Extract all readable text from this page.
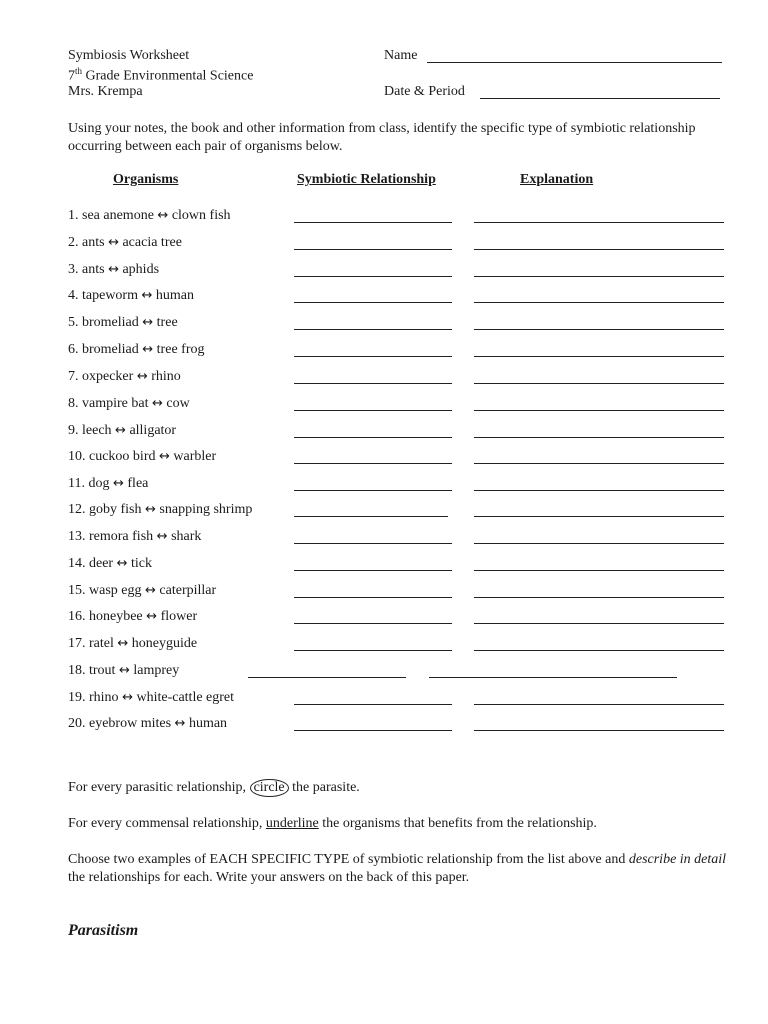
Symbiosis Worksheet
7th Grade Environmental Science
Mrs. Krempa
Name
Date & Period
Using your notes, the book and other information from class, identify the specific type of symbiotic relationship occurring between each pair of organisms below.
Organisms	Symbiotic Relationship	Explanation
1. sea anemone ↔ clown fish
2. ants ↔ acacia tree
3. ants ↔ aphids
4. tapeworm ↔ human
5. bromeliad ↔ tree
6. bromeliad ↔ tree frog
7. oxpecker ↔ rhino
8. vampire bat ↔ cow
9. leech ↔ alligator
10. cuckoo bird ↔ warbler
11. dog ↔ flea
12. goby fish ↔ snapping shrimp
13. remora fish ↔ shark
14. deer ↔ tick
15. wasp egg ↔ caterpillar
16. honeybee ↔ flower
17. ratel ↔ honeyguide
18. trout ↔ lamprey
19. rhino ↔ white-cattle egret
20. eyebrow mites ↔ human
For every parasitic relationship, circle the parasite.
For every commensal relationship, underline the organisms that benefits from the relationship.
Choose two examples of EACH SPECIFIC TYPE of symbiotic relationship from the list above and describe in detail the relationships for each. Write your answers on the back of this paper.
Parasitism
